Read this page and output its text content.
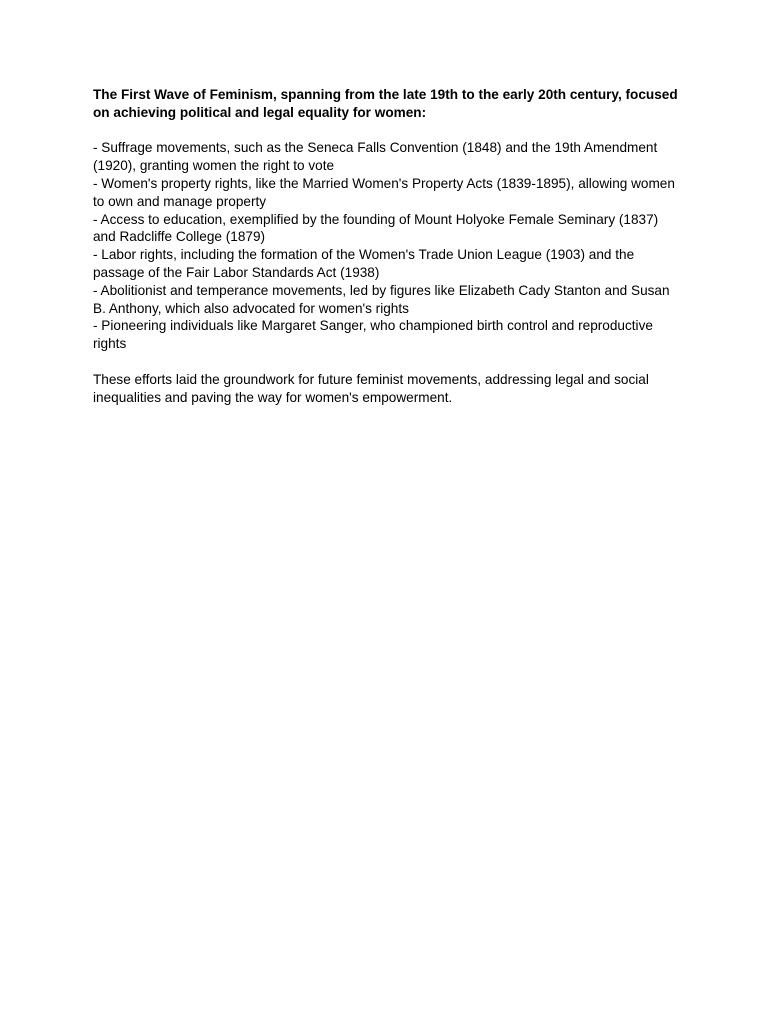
The First Wave of Feminism, spanning from the late 19th to the early 20th century, focused on achieving political and legal equality for women:

- Suffrage movements, such as the Seneca Falls Convention (1848) and the 19th Amendment (1920), granting women the right to vote
- Women's property rights, like the Married Women's Property Acts (1839-1895), allowing women to own and manage property
- Access to education, exemplified by the founding of Mount Holyoke Female Seminary (1837) and Radcliffe College (1879)
- Labor rights, including the formation of the Women's Trade Union League (1903) and the passage of the Fair Labor Standards Act (1938)
- Abolitionist and temperance movements, led by figures like Elizabeth Cady Stanton and Susan B. Anthony, which also advocated for women's rights
- Pioneering individuals like Margaret Sanger, who championed birth control and reproductive rights

These efforts laid the groundwork for future feminist movements, addressing legal and social inequalities and paving the way for women's empowerment.
